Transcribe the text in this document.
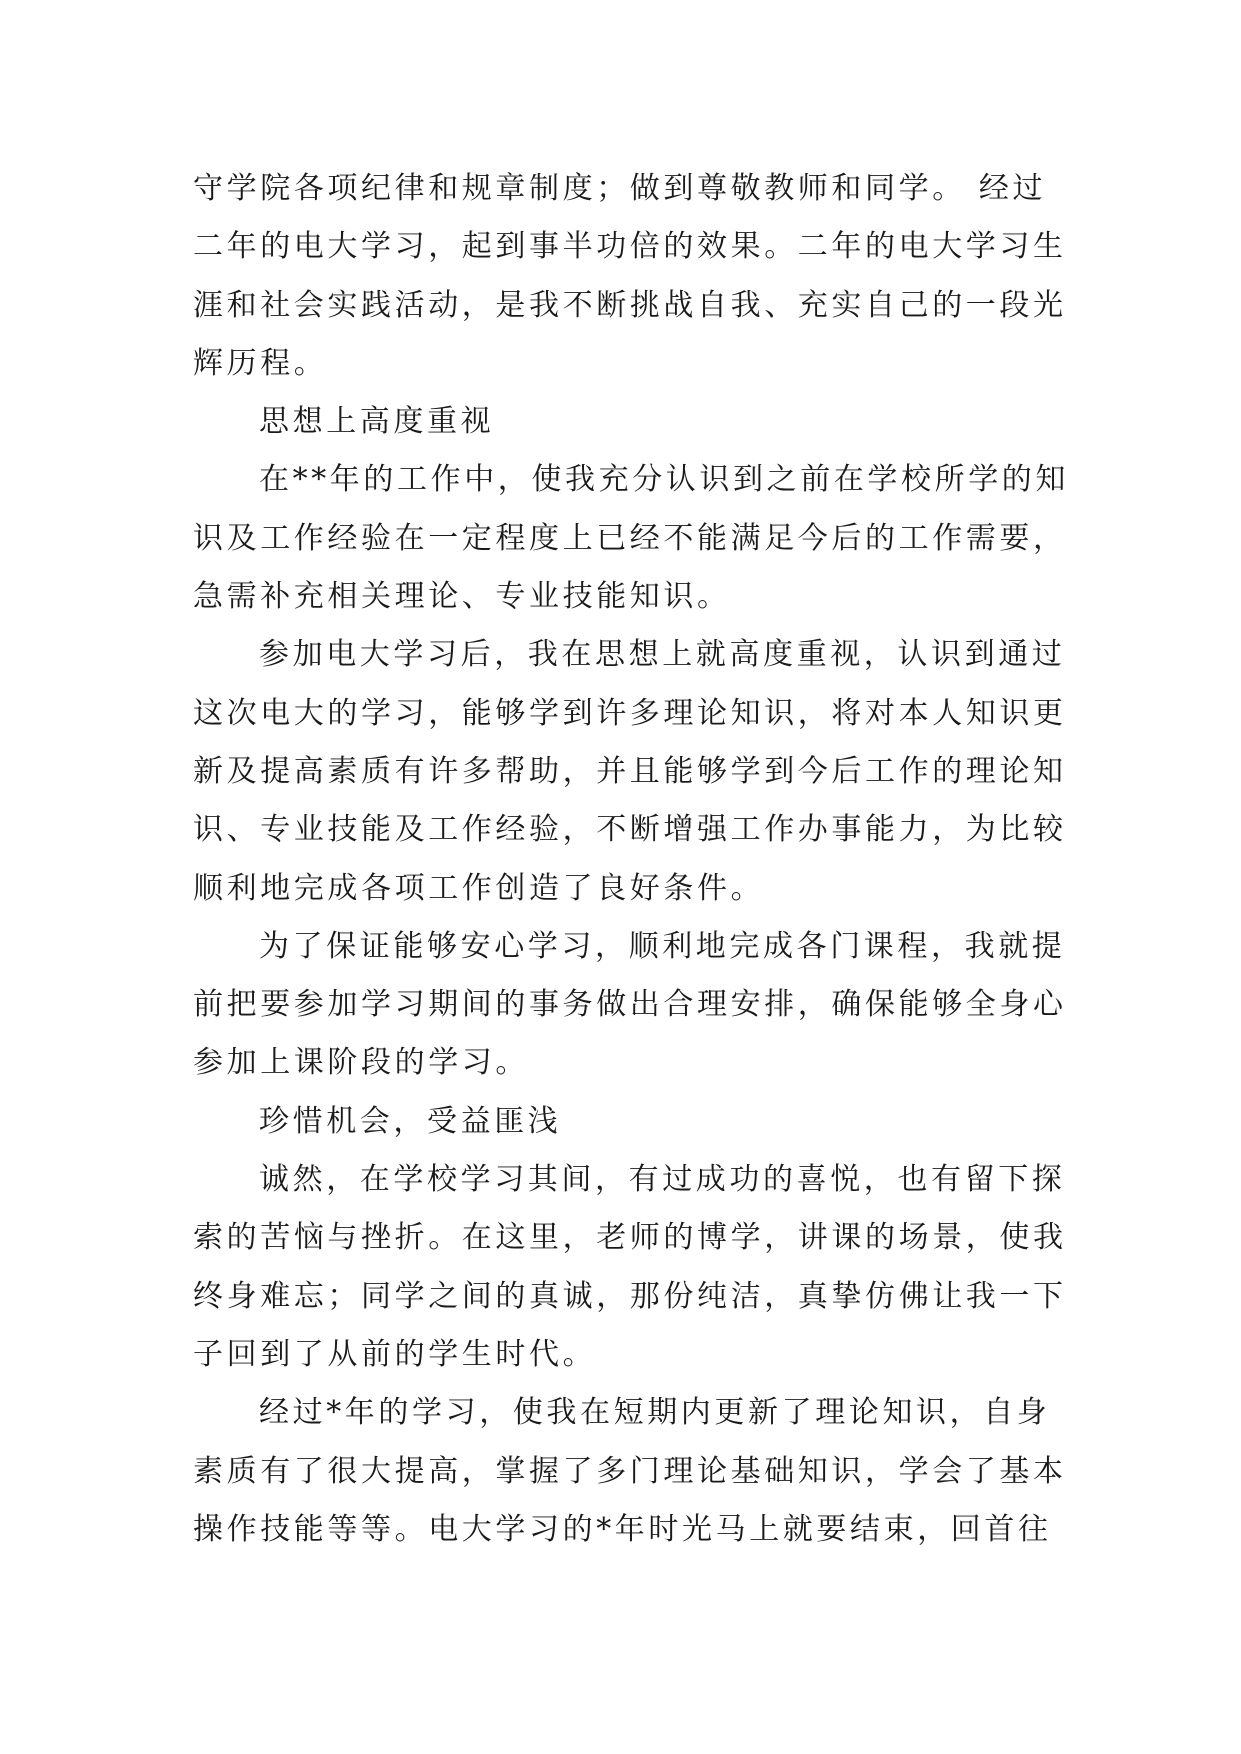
守学院各项纪律和规章制度；做到尊敬教师和同学。 经过
二年的电大学习，起到事半功倍的效果。二年的电大学习生
涯和社会实践活动，是我不断挑战自我、充实自己的一段光
辉历程。
思想上高度重视
在**年的工作中，使我充分认识到之前在学校所学的知
识及工作经验在一定程度上已经不能满足今后的工作需要，
急需补充相关理论、专业技能知识。
参加电大学习后，我在思想上就高度重视，认识到通过
这次电大的学习，能够学到许多理论知识，将对本人知识更
新及提高素质有许多帮助，并且能够学到今后工作的理论知
识、专业技能及工作经验，不断增强工作办事能力，为比较
顺利地完成各项工作创造了良好条件。
为了保证能够安心学习，顺利地完成各门课程，我就提
前把要参加学习期间的事务做出合理安排，确保能够全身心
参加上课阶段的学习。
珍惜机会，受益匪浅
诚然，在学校学习其间，有过成功的喜悦，也有留下探
索的苦恼与挫折。在这里，老师的博学，讲课的场景，使我
终身难忘；同学之间的真诚，那份纯洁，真挚仿佛让我一下
子回到了从前的学生时代。
经过*年的学习，使我在短期内更新了理论知识，自身
素质有了很大提高，掌握了多门理论基础知识，学会了基本
操作技能等等。电大学习的*年时光马上就要结束，回首往
